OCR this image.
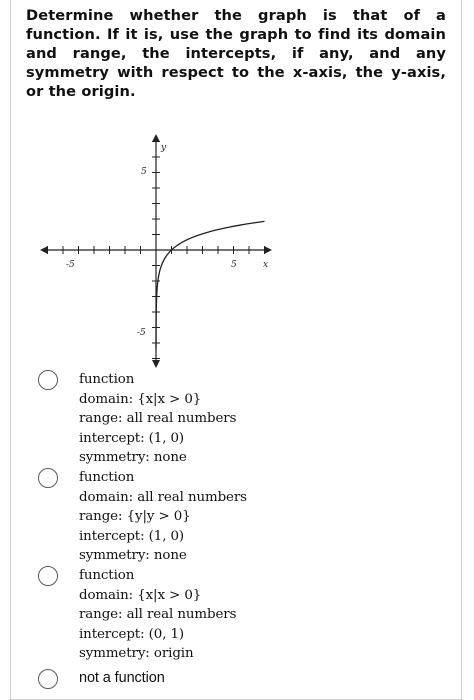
Determine whether the graph is that of a function. If it is, use the graph to find its domain and range, the intercepts, if any, and any symmetry with respect to the x-axis, the y-axis, or the origin.
y
x
-5	5
5
-5
function
domain: {x|x > 0}
range: all real numbers
intercept: (1, 0)
symmetry: none
function
domain: all real numbers
range: {y|y > 0}
intercept: (1, 0)
symmetry: none
function
domain: {x|x > 0}
range: all real numbers
intercept: (0, 1)
symmetry: origin
not a function
